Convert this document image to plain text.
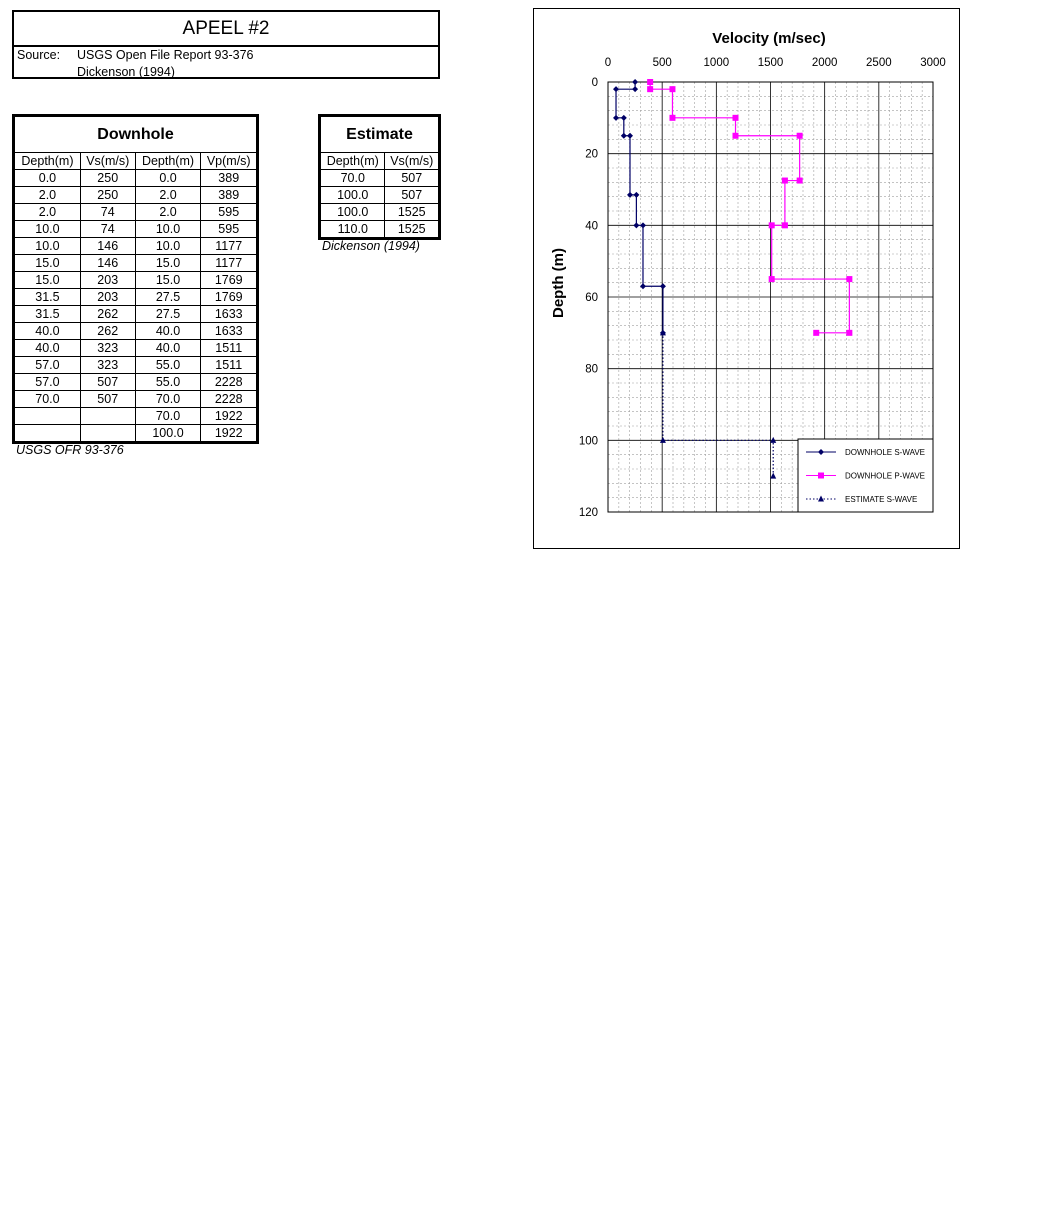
APEEL #2
Source: USGS Open File Report 93-376
Dickenson (1994)
Downhole			
Depth(m)	Vs(m/s)	Depth(m)	Vp(m/s)
0.0	250	0.0	389
2.0	250	2.0	389
2.0	74	2.0	595
10.0	74	10.0	595
10.0	146	10.0	1177
15.0	146	15.0	1177
15.0	203	15.0	1769
31.5	203	27.5	1769
31.5	262	27.5	1633
40.0	262	40.0	1633
40.0	323	40.0	1511
57.0	323	55.0	1511
57.0	507	55.0	2228
70.0	507	70.0	2228
		70.0	1922
		100.0	1922
USGS OFR 93-376
Estimate	
Depth(m)	Vs(m/s)
70.0	507
100.0	507
100.0	1525
110.0	1525
Dickenson (1994)
Velocity (m/sec)
Depth (m)
0	500	1000 1500 2000 2500 3000
0
20
40
60
80
100
120
DOWNHOLE S-WAVE
DOWNHOLE P-WAVE
ESTIMATE S-WAVE
